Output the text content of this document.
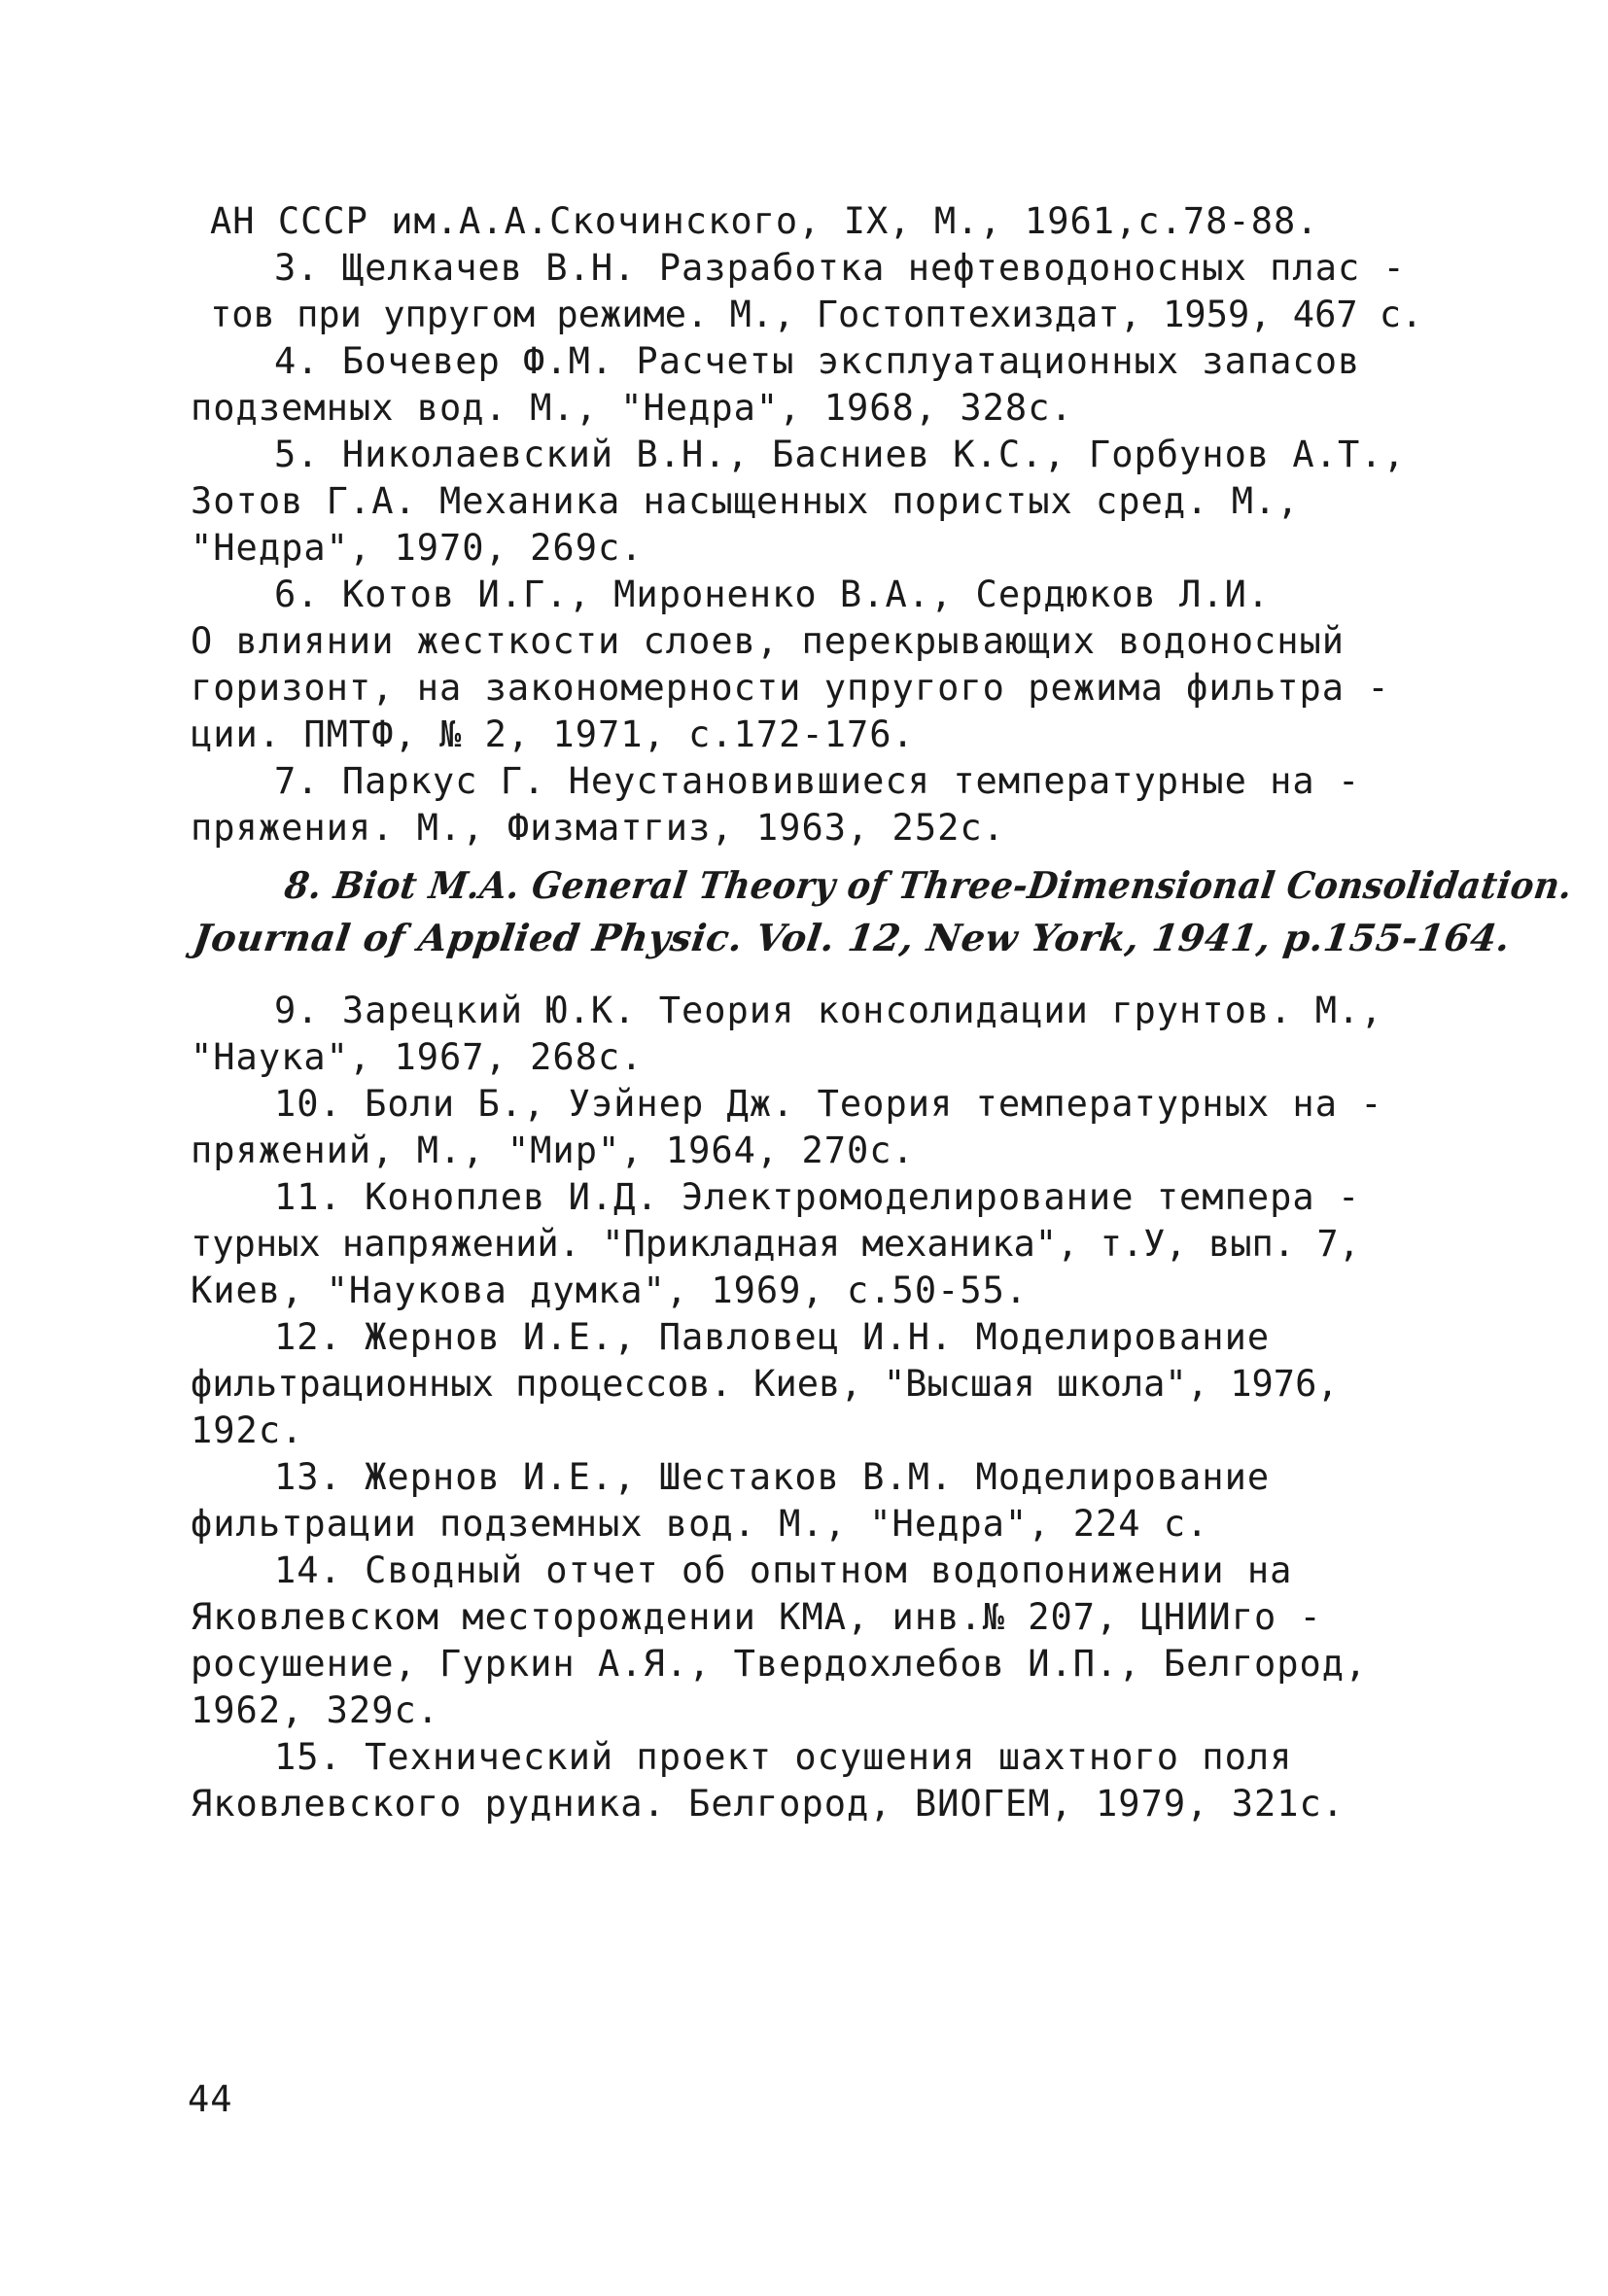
АН СССР им.А.А.Скочинского, IX, М., 1961,с.78-88.
3. Щелкачев В.Н. Разработка нефтеводоносных плас -
тов при упругом режиме. М., Гостоптехиздат, 1959, 467 с.
4. Бочевер Ф.М. Расчеты эксплуатационных запасов
подземных вод. М., "Недра", 1968, 328с.
5. Николаевский В.Н., Басниев К.С., Горбунов А.Т.,
Зотов Г.А. Механика насыщенных пористых сред. М.,
"Недра", 1970, 269с.
6. Котов И.Г., Мироненко В.А., Сердюков Л.И.
О влиянии жесткости слоев, перекрывающих водоносный
горизонт, на закономерности упругого режима фильтра -
ции. ПМТФ, № 2, 1971, с.172-176.
7. Паркус Г. Неустановившиеся температурные на -
пряжения. М., Физматгиз, 1963, 252с.
8. Biot M.A. General Theory of Three-Dimensional Consolidation.
Journal of Applied Physic. Vol. 12, New York, 1941, p.155-164.
9. Зарецкий Ю.К. Теория консолидации грунтов. М.,
"Наука", 1967, 268с.
10. Боли Б., Уэйнер Дж. Теория температурных на -
пряжений, М., "Мир", 1964, 270с.
11. Коноплев И.Д. Электромоделирование темпера -
турных напряжений. "Прикладная механика", т.У, вып. 7,
Киев, "Наукова думка", 1969, с.50-55.
12. Жернов И.Е., Павловец И.Н. Моделирование
фильтрационных процессов. Киев, "Высшая школа", 1976,
192с.
13. Жернов И.Е., Шестаков В.М. Моделирование
фильтрации подземных вод. М., "Недра", 224 с.
14. Сводный отчет об опытном водопонижении на
Яковлевском месторождении КМА, инв.№ 207, ЦНИИго -
росушение, Гуркин А.Я., Твердохлебов И.П., Белгород,
1962, 329с.
15. Технический проект осушения шахтного поля
Яковлевского рудника. Белгород, ВИОГЕМ, 1979, 321с.
44
